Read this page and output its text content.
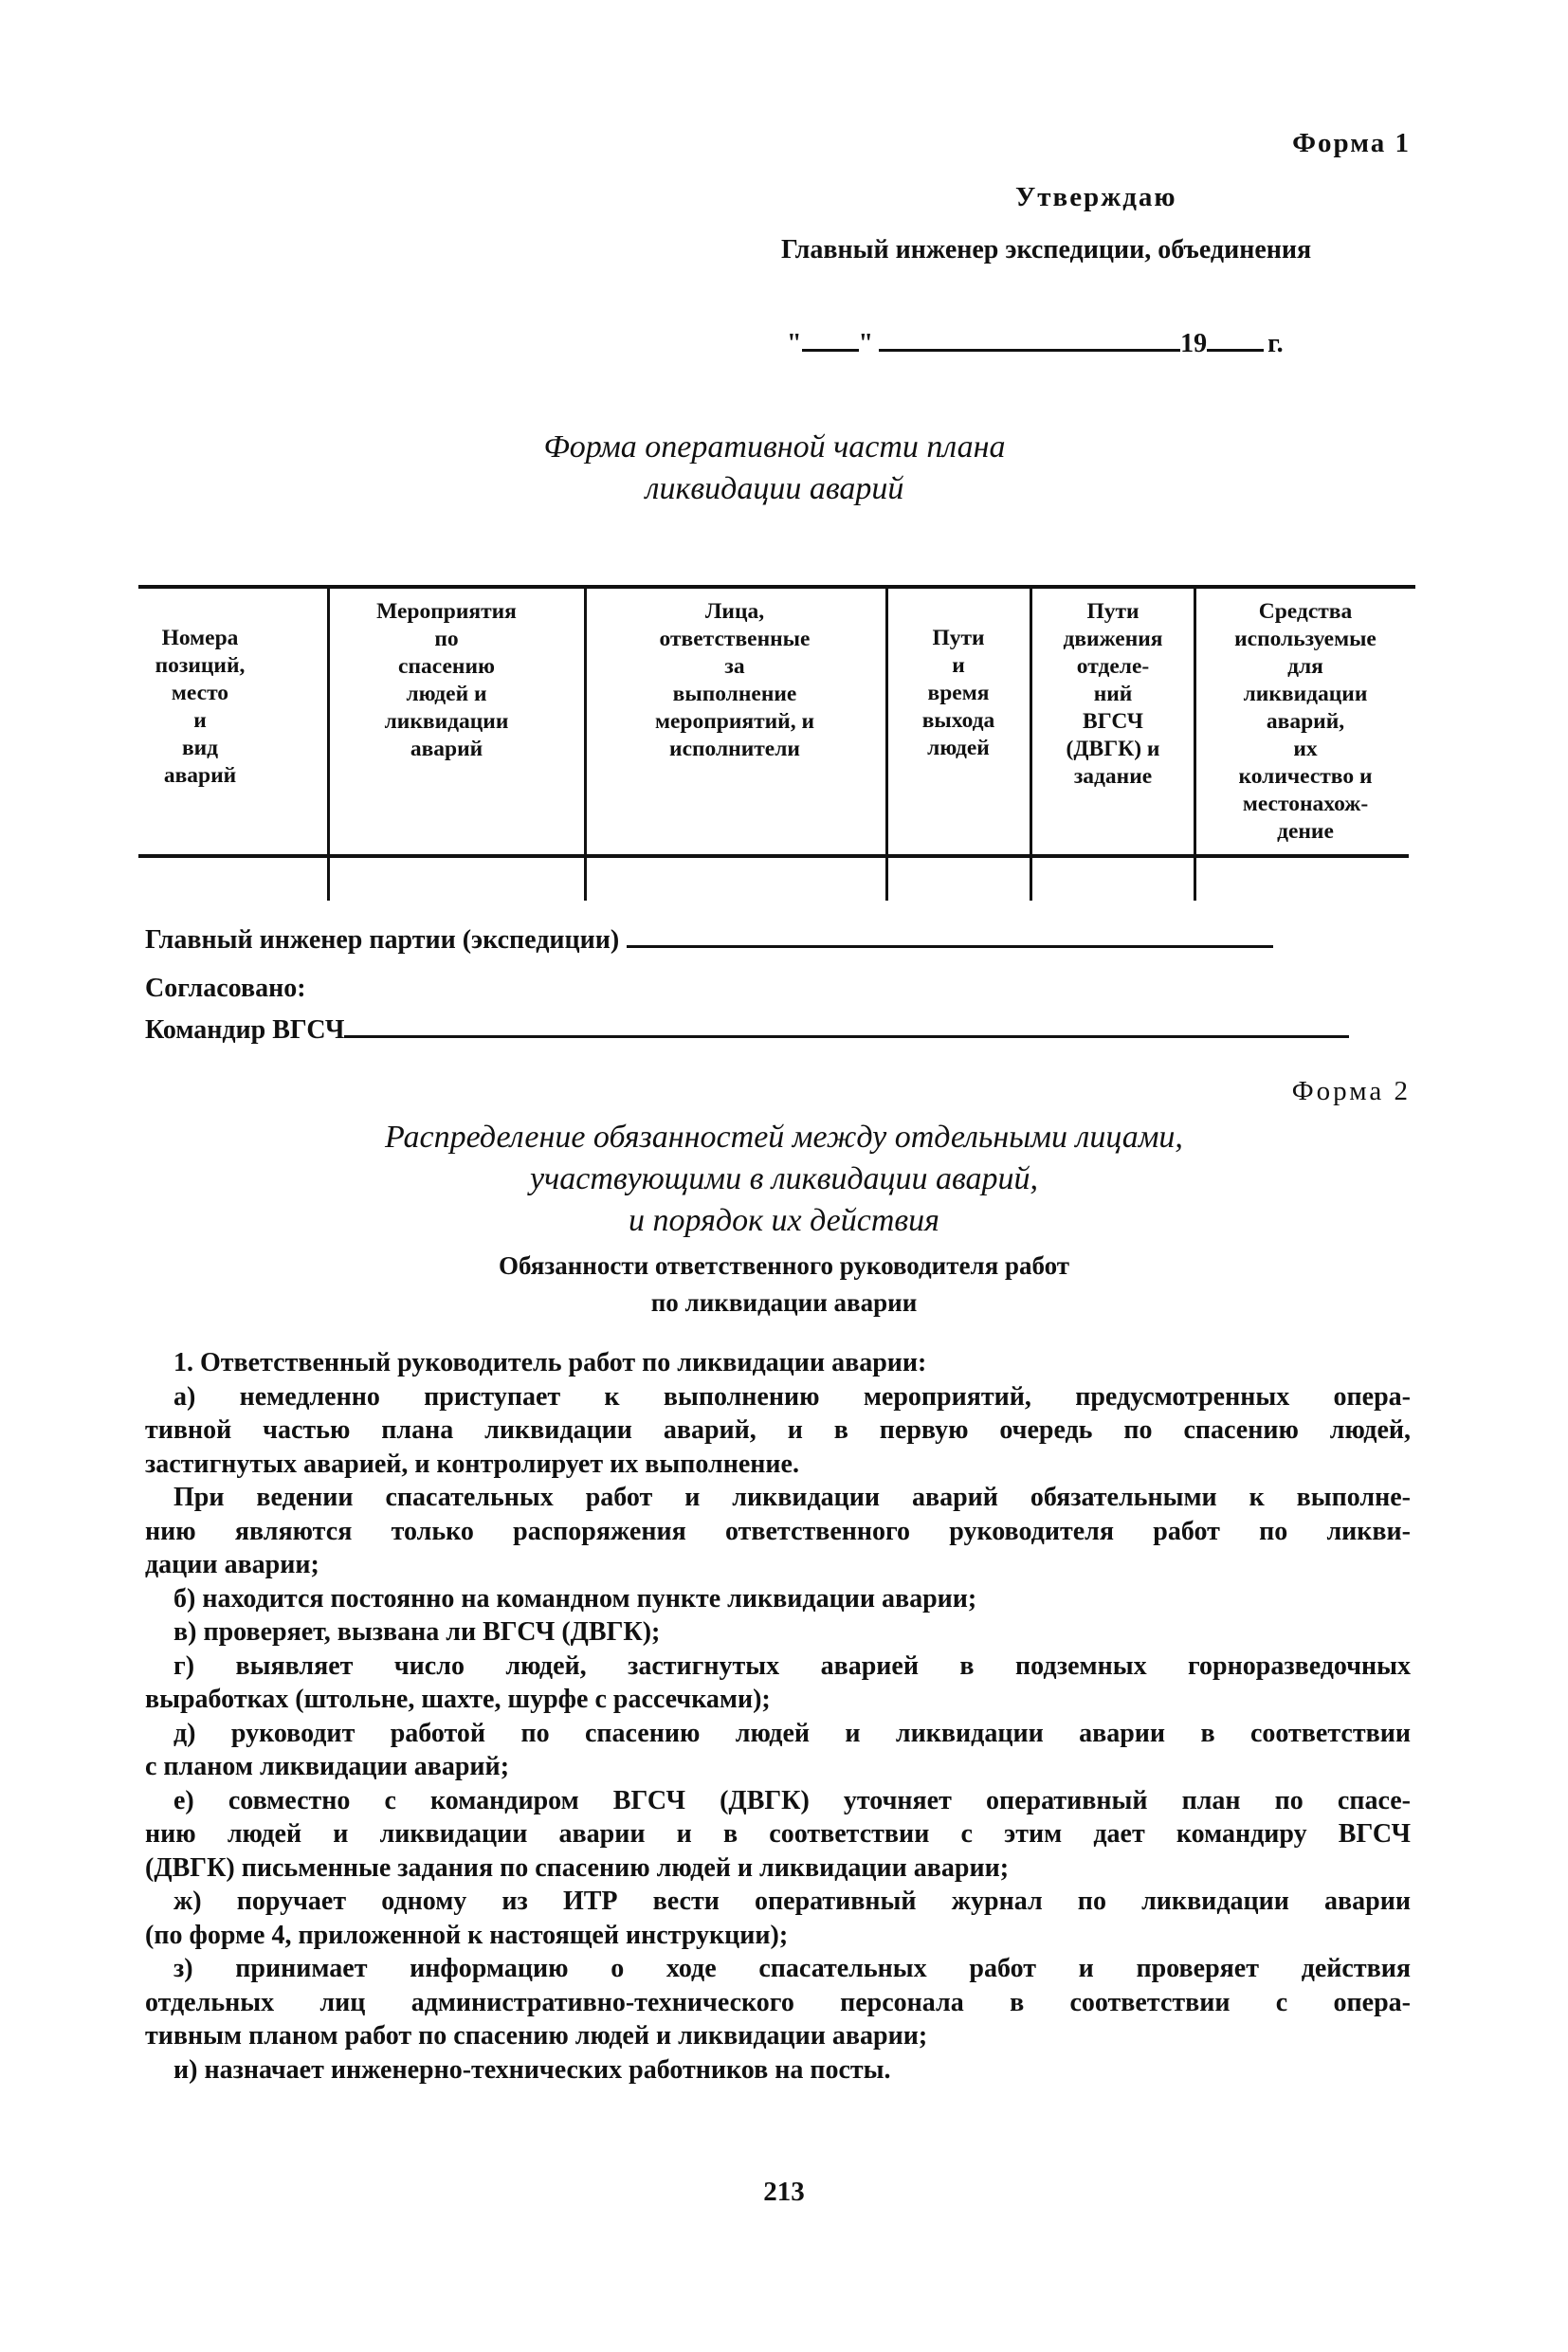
Форма 1
Утверждаю
Главный инженер экспедиции, объединения
" "	19 г.
Форма оперативной части плана
ликвидации аварий
Номера
позиций,
место
и
вид
аварий
Мероприятия
по
спасению
людей и
ликвидации
аварий
Лица,
ответственные
за
выполнение
мероприятий, и
исполнители
Пути
и
время
выхода
людей
Пути
движения
отделе-
ний
ВГСЧ
(ДВГК) и
задание
Средства
используемые
для
ликвидации
аварий,
их
количество и
местонахож-
дение
Главный инженер партии (экспедиции)
Согласовано:
Командир ВГСЧ
Форма 2
Распределение обязанностей между отдельными лицами,
участвующими в ликвидации аварий,
и порядок их действия
Обязанности ответственного руководителя работ
по ликвидации аварии
1. Ответственный руководитель работ по ликвидации аварии:
а) немедленно приступает к выполнению мероприятий, предусмотренных опера-
тивной частью плана ликвидации аварий, и в первую очередь по спасению людей,
застигнутых аварией, и контролирует их выполнение.
При ведении спасательных работ и ликвидации аварий обязательными к выполне-
нию являются только распоряжения ответственного руководителя работ по ликви-
дации аварии;
б) находится постоянно на командном пункте ликвидации аварии;
в) проверяет, вызвана ли ВГСЧ (ДВГК);
г) выявляет число людей, застигнутых аварией в подземных горноразведочных
выработках (штольне, шахте, шурфе с рассечками);
д) руководит работой по спасению людей и ликвидации аварии в соответствии
с планом ликвидации аварий;
е) совместно с командиром ВГСЧ (ДВГК) уточняет оперативный план по спасе-
нию людей и ликвидации аварии и в соответствии с этим дает командиру ВГСЧ
(ДВГК) письменные задания по спасению людей и ликвидации аварии;
ж) поручает одному из ИТР вести оперативный журнал по ликвидации аварии
(по форме 4, приложенной к настоящей инструкции);
з) принимает информацию о ходе спасательных работ и проверяет действия
отдельных лиц административно-технического персонала в соответствии с опера-
тивным планом работ по спасению людей и ликвидации аварии;
и) назначает инженерно-технических работников на посты.
213
